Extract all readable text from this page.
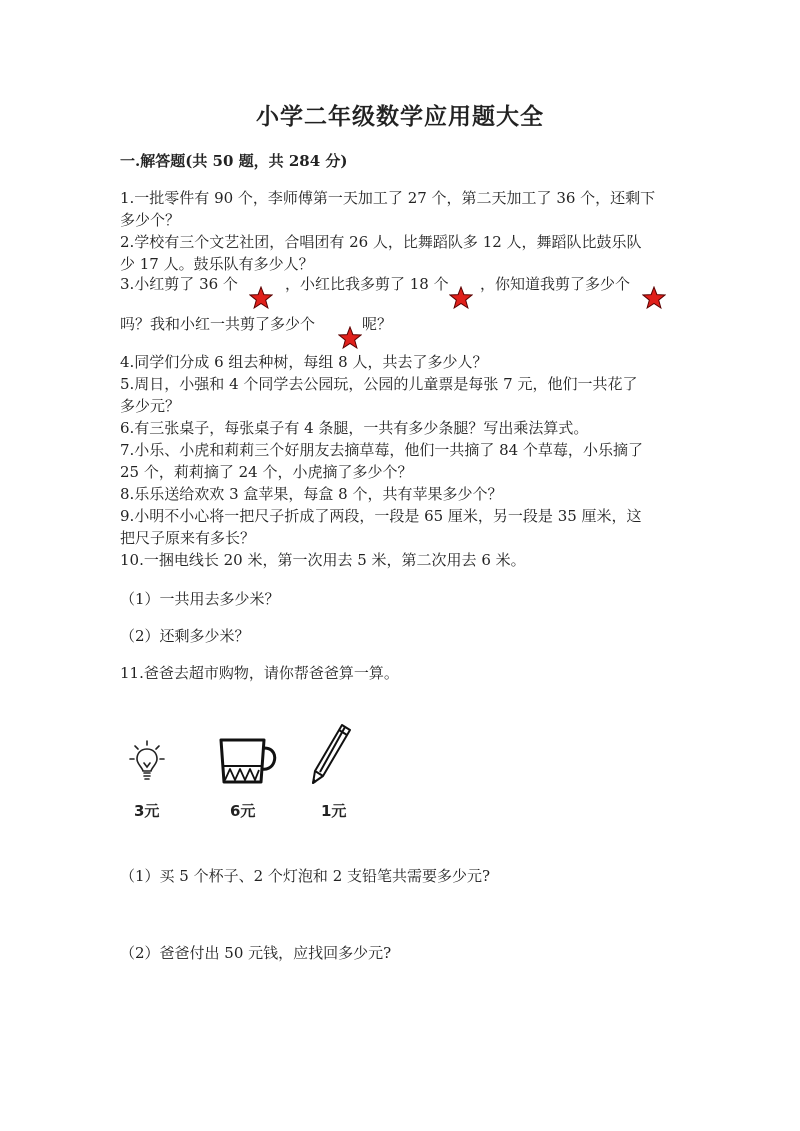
小学二年级数学应用题大全
一.解答题(共 50 题，共 284 分)
1.一批零件有 90 个，李师傅第一天加工了 27 个，第二天加工了 36 个，还剩下
多少个？
2.学校有三个文艺社团，合唱团有 26 人，比舞蹈队多 12 人，舞蹈队比鼓乐队
少 17 人。鼓乐队有多少人？
3.小红剪了 36 个	，小红比我多剪了 18 个 ，你知道我剪了多少个
吗？我和小红一共剪了多少个	呢？
4.同学们分成 6 组去种树，每组 8 人，共去了多少人？
5.周日，小强和 4 个同学去公园玩，公园的儿童票是每张 7 元，他们一共花了
多少元？
6.有三张桌子，每张桌子有 4 条腿，一共有多少条腿？写出乘法算式。
7.小乐、小虎和莉莉三个好朋友去摘草莓，他们一共摘了 84 个草莓，小乐摘了
25 个，莉莉摘了 24 个，小虎摘了多少个？
8.乐乐送给欢欢 3 盒苹果，每盒 8 个，共有苹果多少个？
9.小明不小心将一把尺子折成了两段，一段是 65 厘米，另一段是 35 厘米，这
把尺子原来有多长？
10.一捆电线长 20 米，第一次用去 5 米，第二次用去 6 米。
（1）一共用去多少米？
（2）还剩多少米？
11.爸爸去超市购物，请你帮爸爸算一算。
3元	6元	1元
（1）买 5 个杯子、2 个灯泡和 2 支铅笔共需要多少元?
（2）爸爸付出 50 元钱，应找回多少元?
